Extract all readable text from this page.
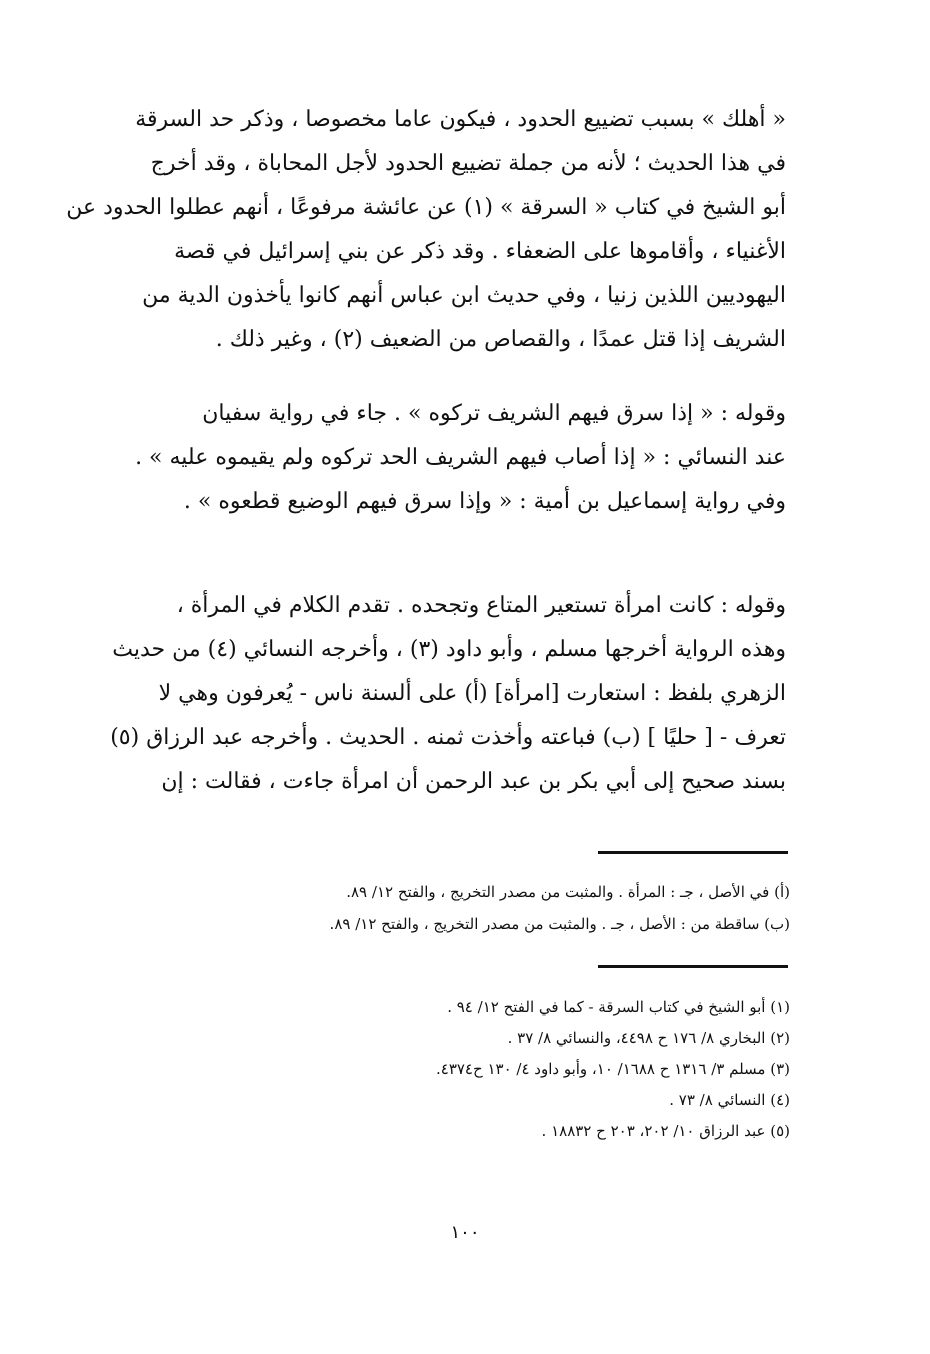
« أهلك » بسبب تضييع الحدود ، فيكون عاما مخصوصا ، وذكر حد السرقة
في هذا الحديث ؛ لأنه من جملة تضييع الحدود لأجل المحاباة ، وقد أخرج
أبو الشيخ في كتاب « السرقة » (١) عن عائشة مرفوعًا ، أنهم عطلوا الحدود عن
الأغنياء ، وأقاموها على الضعفاء . وقد ذكر عن بني إسرائيل في قصة
اليهوديين اللذين زنيا ، وفي حديث ابن عباس أنهم كانوا يأخذون الدية من
الشريف إذا قتل عمدًا ، والقصاص من الضعيف (٢) ، وغير ذلك .
وقوله : « إذا سرق فيهم الشريف تركوه » . جاء في رواية سفيان
عند النسائي : « إذا أصاب فيهم الشريف الحد تركوه ولم يقيموه عليه » .
وفي رواية إسماعيل بن أمية : « وإذا سرق فيهم الوضيع قطعوه » .
وقوله : كانت امرأة تستعير المتاع وتجحده . تقدم الكلام في المرأة ،
وهذه الرواية أخرجها مسلم ، وأبو داود (٣) ، وأخرجه النسائي (٤) من حديث
الزهري بلفظ : استعارت [امرأة] (أ) على ألسنة ناس - يُعرفون وهي لا
تعرف - [ حليًا ] (ب) فباعته وأخذت ثمنه . الحديث . وأخرجه عبد الرزاق (٥)
بسند صحيح إلى أبي بكر بن عبد الرحمن أن امرأة جاءت ، فقالت : إن
(أ) في الأصل ، جـ : المرأة . والمثبت من مصدر التخريج ، والفتح ١٢/ ٨٩.
(ب) ساقطة من : الأصل ، جـ . والمثبت من مصدر التخريج ، والفتح ١٢/ ٨٩.
(١) أبو الشيخ في كتاب السرقة - كما في الفتح ١٢/ ٩٤ .
(٢) البخاري ٨/ ١٧٦ ح ٤٤٩٨، والنسائي ٨/ ٣٧ .
(٣) مسلم ٣/ ١٣١٦ ح ١٦٨٨/ ١٠، وأبو داود ٤/ ١٣٠ ح٤٣٧٤.
(٤) النسائي ٨/ ٧٣ .
(٥) عبد الرزاق ١٠/ ٢٠٢، ٢٠٣ ح ١٨٨٣٢ .
١٠٠
